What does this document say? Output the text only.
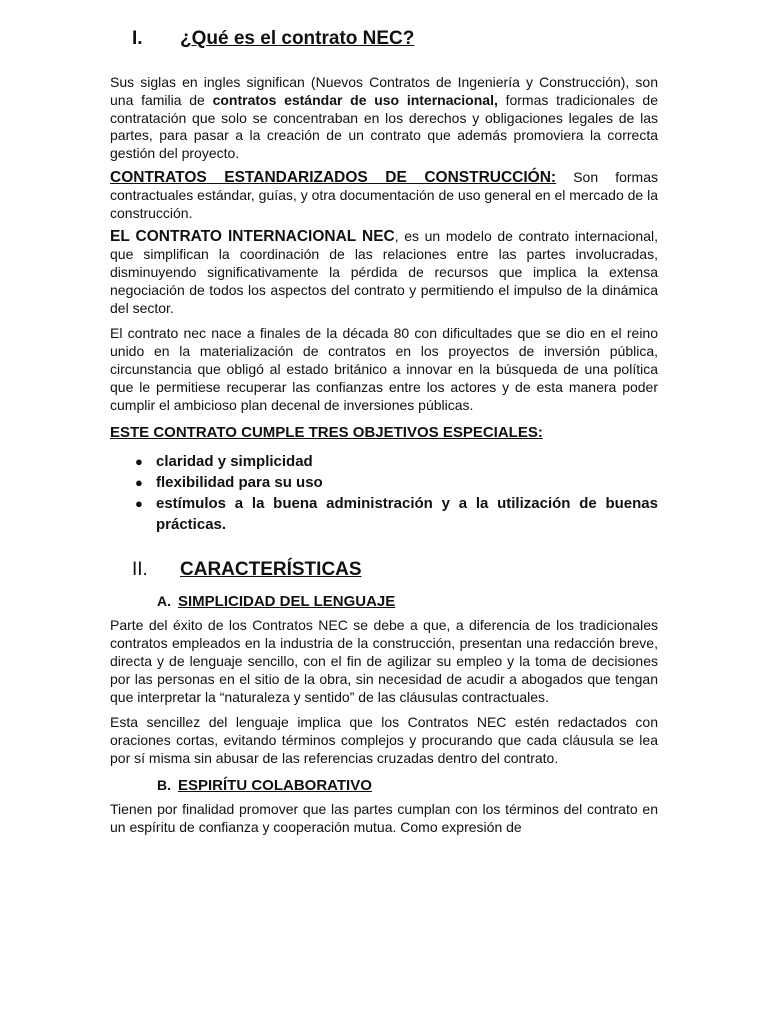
I.	¿Qué es el contrato NEC?

Sus siglas en ingles significan (Nuevos Contratos de Ingeniería y Construcción), son una familia de contratos estándar de uso internacional, formas tradicionales de contratación que solo se concentraban en los derechos y obligaciones legales de las partes, para pasar a la creación de un contrato que además promoviera la correcta gestión del proyecto.

CONTRATOS ESTANDARIZADOS DE CONSTRUCCIÓN: Son formas contractuales estándar, guías, y otra documentación de uso general en el mercado de la construcción.

EL CONTRATO INTERNACIONAL NEC, es un modelo de contrato internacional, que simplifican la coordinación de las relaciones entre las partes involucradas, disminuyendo significativamente la pérdida de recursos que implica la extensa negociación de todos los aspectos del contrato y permitiendo el impulso de la dinámica del sector.

El contrato nec nace a finales de la década 80 con dificultades que se dio en el reino unido en la materialización de contratos en los proyectos de inversión pública, circunstancia que obligó al estado británico a innovar en la búsqueda de una política que le permitiese recuperar las confianzas entre los actores y de esta manera poder cumplir el ambicioso plan decenal de inversiones públicas.

ESTE CONTRATO CUMPLE TRES OBJETIVOS ESPECIALES:
● claridad y simplicidad
● flexibilidad para su uso
● estímulos a la buena administración y a la utilización de buenas prácticas.
II.	CARACTERÍSTICAS
A. SIMPLICIDAD DEL LENGUAJE

Parte del éxito de los Contratos NEC se debe a que, a diferencia de los tradicionales contratos empleados en la industria de la construcción, presentan una redacción breve, directa y de lenguaje sencillo, con el fin de agilizar su empleo y la toma de decisiones por las personas en el sitio de la obra, sin necesidad de acudir a abogados que tengan que interpretar la “naturaleza y sentido” de las cláusulas contractuales.

Esta sencillez del lenguaje implica que los Contratos NEC estén redactados con oraciones cortas, evitando términos complejos y procurando que cada cláusula se lea por sí misma sin abusar de las referencias cruzadas dentro del contrato.

B. ESPIRÍTU COLABORATIVO

Tienen por finalidad promover que las partes cumplan con los términos del contrato en un espíritu de confianza y cooperación mutua. Como expresión de
